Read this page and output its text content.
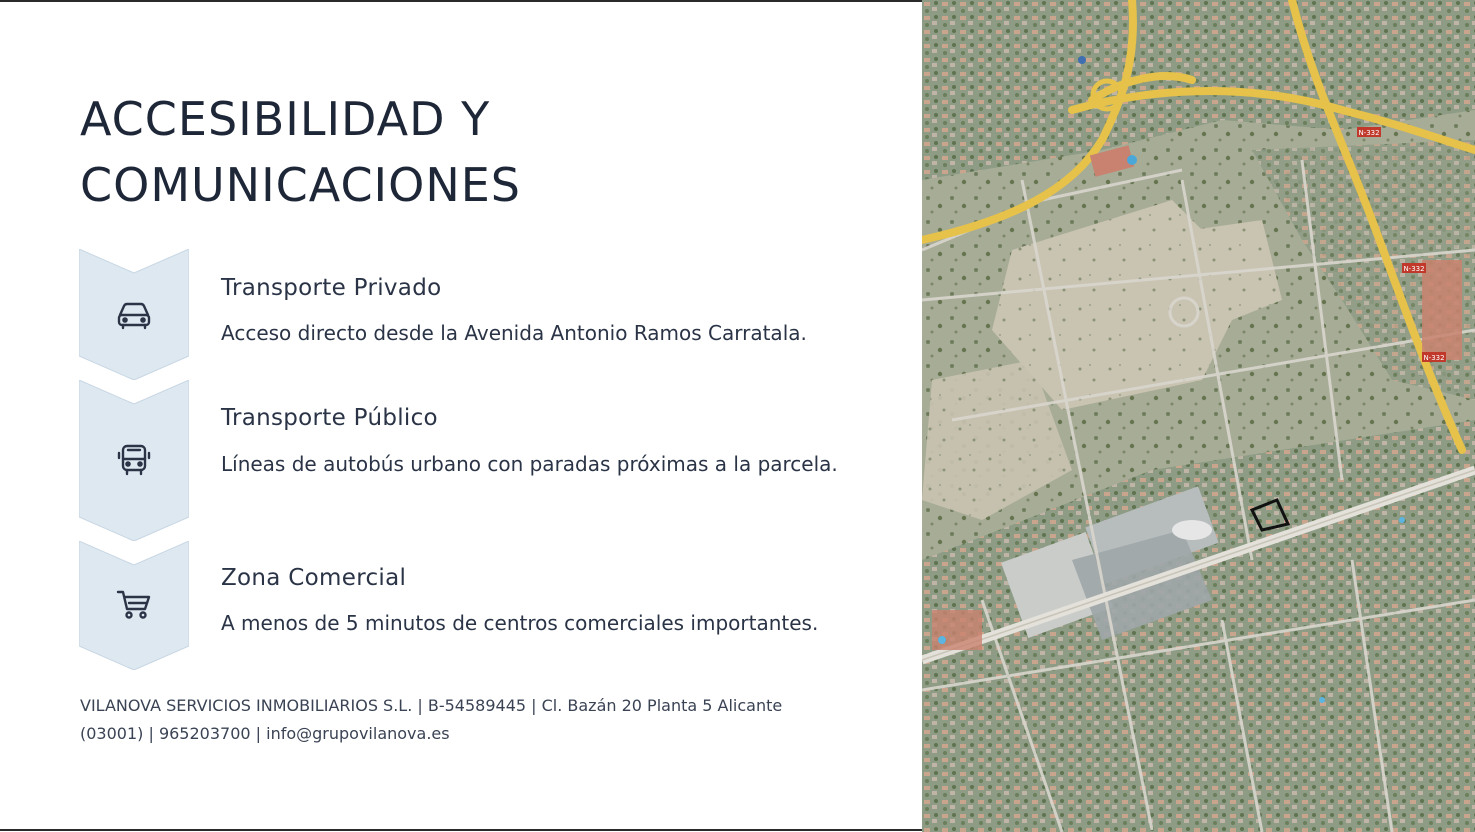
ACCESIBILIDAD Y
COMUNICACIONES
Transporte Privado
Acceso directo desde la Avenida Antonio Ramos Carratala.
Transporte Público
Líneas de autobús urbano con paradas próximas a la parcela.
Zona Comercial
A menos de 5 minutos de centros comerciales importantes.
VILANOVA SERVICIOS INMOBILIARIOS S.L. | B-54589445 | Cl. Bazán 20 Planta 5 Alicante
(03001) | 965203700 | info@grupovilanova.es
N-332
N-332
N-332
